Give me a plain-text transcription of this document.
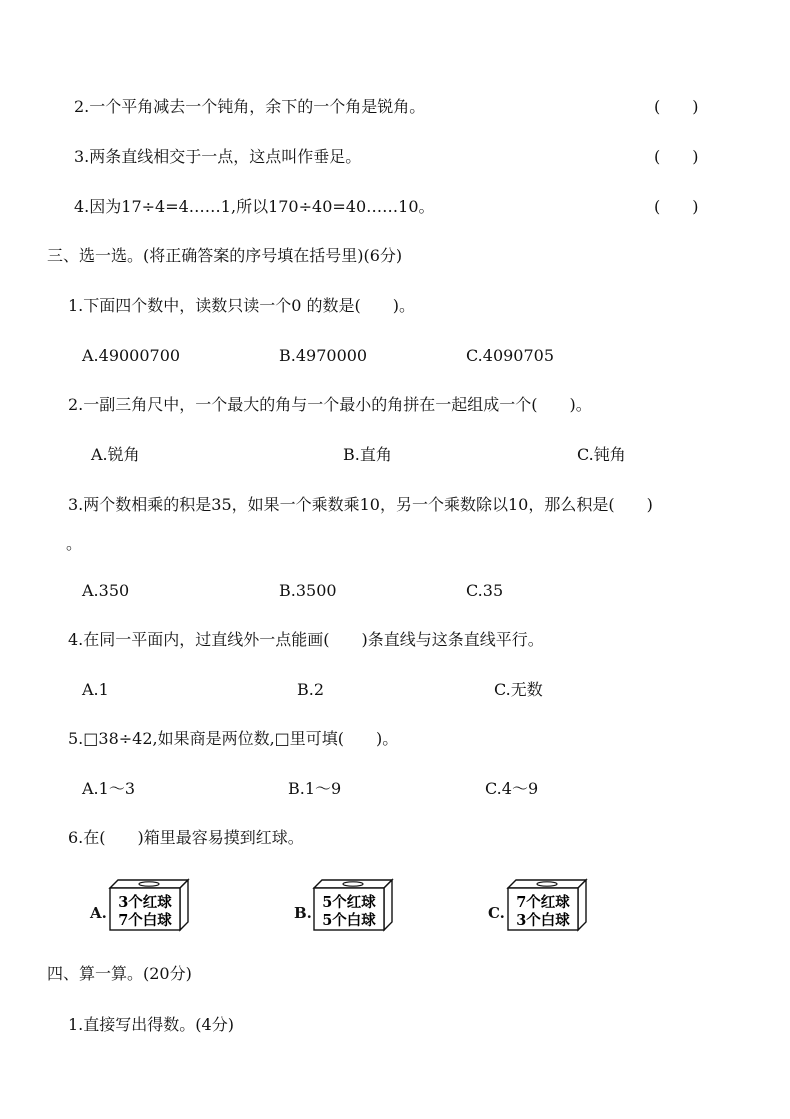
2.一个平角减去一个钝角，余下的一个角是锐角。	(　　)
3.两条直线相交于一点，这点叫作垂足。	(　　)
4.因为17÷4=4……1,所以170÷40=40……10。	(　　)
三、选一选。(将正确答案的序号填在括号里)(6分)
1.下面四个数中，读数只读一个0 的数是(　　)。
A.49000700	B.4970000	C.4090705
2.一副三角尺中，一个最大的角与一个最小的角拼在一起组成一个(　　)。
A.锐角	B.直角	C.钝角
3.两个数相乘的积是35，如果一个乘数乘10，另一个乘数除以10，那么积是(　　)
。
A.350	B.3500	C.35
4.在同一平面内，过直线外一点能画(　　)条直线与这条直线平行。
A.1	B.2	C.无数
5.□38÷42,如果商是两位数,□里可填(　　)。
A.1～3	B.1～9	C.4～9
6.在(　　)箱里最容易摸到红球。
A.
3个红球
7个白球	B.
5个红球
5个白球	C.
7个红球
3个白球
四、算一算。(20分)
1.直接写出得数。(4分)
